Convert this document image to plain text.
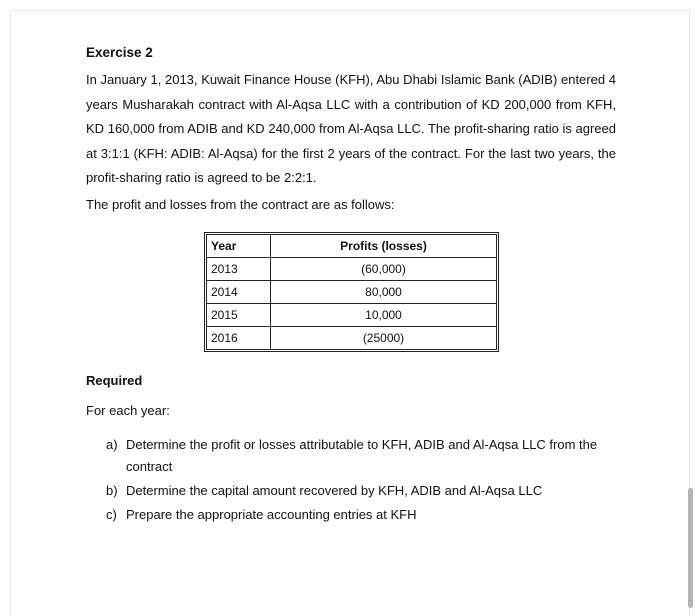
Exercise 2

In January 1, 2013, Kuwait Finance House (KFH), Abu Dhabi Islamic Bank (ADIB) entered 4 years Musharakah contract with Al-Aqsa LLC with a contribution of KD 200,000 from KFH, KD 160,000 from ADIB and KD 240,000 from Al-Aqsa LLC. The profit-sharing ratio is agreed at 3:1:1 (KFH: ADIB: Al-Aqsa) for the first 2 years of the contract. For the last two years, the profit-sharing ratio is agreed to be 2:2:1.

The profit and losses from the contract are as follows:

Year	Profits (losses)
2013	(60,000)
2014	80,000
2015	10,000
2016	(25000)

Required

For each year:

a) Determine the profit or losses attributable to KFH, ADIB and Al-Aqsa LLC from the contract
b) Determine the capital amount recovered by KFH, ADIB and Al-Aqsa LLC
c) Prepare the appropriate accounting entries at KFH
